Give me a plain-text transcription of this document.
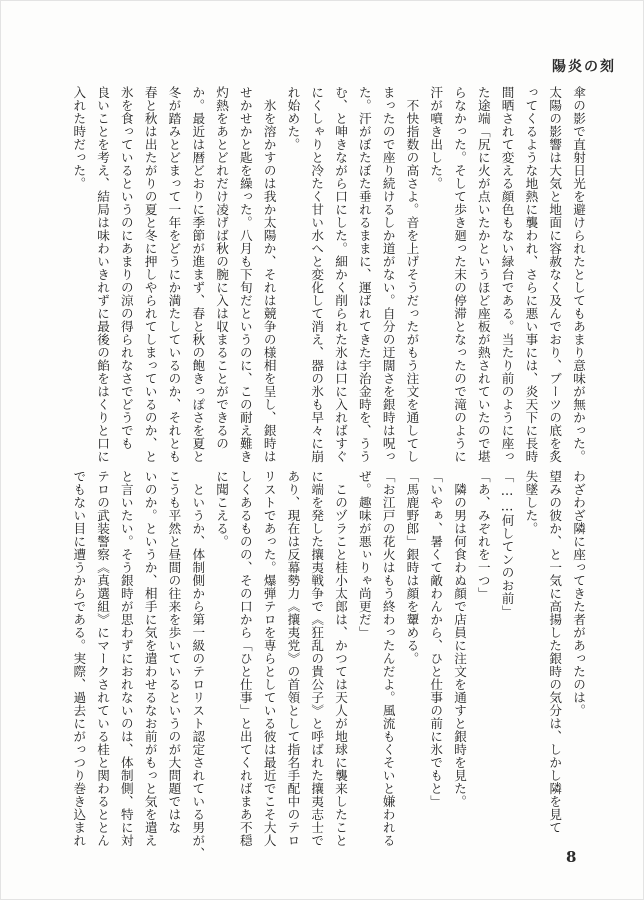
陽炎の刻

傘の影で直射日光を避けられたとしてもあまり意味が無かった。

太陽の影響は大気と地面に容赦なく及んでおり、ブーツの底を炙

ってくるような地熱に襲われ、さらに悪い事には、炎天下に長時

間晒されて変える顔色もない緑台である。当たり前のように座っ

た途端「尻に火が点いたかというほど座板が熱されていたので堪

らなかった。そして歩き廻った末の停滞となったので滝のように

汗が噴き出した。

　不快指数の高さよ。音を上げそうだったがもう注文を通してし

まったので座り続けるしか道がない。自分の迂闊さを銀時は呪っ

た。汗がぼたぼた垂れるままに、運ばれてきた宇治金時を、うう

む、と呻きながら口にした。細かく削られた氷は口に入ればすぐ

にくしゃりと冷たく甘い水へと変化して消え、器の氷も早々に崩

れ始めた。

　氷を溶かすのは我か太陽か、それは競争の様相を呈し、銀時は

せかせかと匙を繰った。八月も下旬だというのに、この耐え難き

灼熱をあとどれだけ凌げば秋の腕に入は収まることができるの

か。最近は暦どおりに季節が進まず、春と秋の飽きっぽさを夏と

冬が踏みとどまって一年をどうにか満たしているのか、それとも

春と秋は出たがりの夏と冬に押しやられてしまっているのか、と

氷を食っているというのにあまりの涼の得られなさでどうでも

良いことを考え、結局は味わいきれずに最後の餡をはくりと口に

入れた時だった。

わざわざ隣に座ってきた者があったのは。

望みの彼か、と一気に高揚した銀時の気分は、しかし隣を見て

失墜した。

「……何してンのお前」

「あ、みぞれを一つ」

　隣の男は何食わぬ顔で店員に注文を通すと銀時を見た。

「いやぁ、暑くて敵わんから、ひと仕事の前に氷でもと」

「馬鹿野郎」銀時は顔を顰める。

「お江戸の花火はもう終わったんだよ。風流もくそいと嫌われる

ぜ。趣味が悪ぃりゃ尚更だ」

　このヅラこと桂小太郎は、かつては天人が地球に襲来したこと

に端を発した攘夷戦争で《狂乱の貴公子》と呼ばれた攘夷志士で

あり、現在は反幕勢力《攘夷党》の首領として指名手配中のテロ

リストであった。爆弾テロを専らとしている彼は最近でこそ大人

しくあるものの、その口から「ひと仕事」と出てくればまあ不穏

に聞こえる。

　というか、体制側から第一級のテロリスト認定されている男が、

こうも平然と昼間の往来を歩いているというのが大問題ではな

いのか。というか、相手に気を遣わせるなお前がもっと気を遣え

と言いたい。そう銀時が思わずにおれないのは、体制側、特に対

テロの武装警察《真選組》にマークされている桂と関わるととん

でもない目に遭うからである。実際、過去にがっつり巻き込まれ

8
